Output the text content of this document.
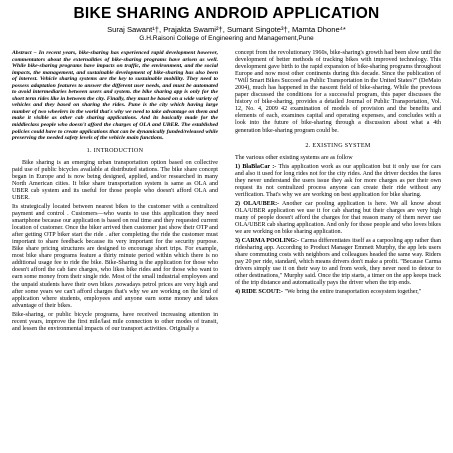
BIKE SHARING ANDROID APPLICATION
Suraj Sawant¹†, Prajakta Swami²†, Sumant Singote³†, Mamta Dhone⁴*
G.H.Raisoni College of Engineering and Management,Pune

Abstract – In recent years, bike-sharing has experienced rapid development however, commentators about the externalities of bike-sharing programs have arisen as well. While bike-sharing programs have impacts on traffic, the environment, and the social impacts, the management, and sustainable development of bike-sharing has also been of interest. Vehicle sharing systems are the key to sustainable mobility. They need to possess adaptation features to answer the different user needs, and must be automated to avoid intermediaries between users and system. the bike sharing app is only for the short term rides like in between the city. Finally, they must be based on a wide variety of vehicles and they based on sharing the rides. Pune is the city which having large number of two wheelers in the world that's why we need to take advantage on them and make it visible as other cab sharing applications. And its basically made for the middleclass people who doesn't afford the charges of OLA and UBER. The established policies could have to create applications that can be dynamically funded/released while preserving the needed safety levels of the vehicle main functions.

1. INTRODUCTION

Bike sharing is an emerging urban transportation option based on collective paid use of public bicycles available at distributed stations. The bike share concept began in Europe and is now being designed, applied, and/or researched in many North American cities. It bike share transportation system is same as OLA and UBER cab system and its useful for those people who doesn't afford OLA and UBER.

Its strategically located between nearest bikes to the customer with a centralized payment and control . Customers—who wants to use this application they need smartphone because our application is based on real time and they requested current location of customer. Once the biker arrived then customer just show their OTP and after getting OTP biker start the ride . after completing the ride the customer must important to share feedback because its very important for the security purpose. Bike share pricing structures are designed to encourage short trips. For example, most bike share programs feature a thirty minute period within which there is no additional usage fee to ride the bike. Bike-Sharing is the application for those who doesn't afford the cab fare charges, who likes bike rides and for those who want to earn some money from their single ride. Most of the small industrial employees and the unpaid students have their own bikes ,nowadays petrol prices are very high and after some years we can't afford charges that's why we are working on the kind of application where students, employees and anyone earn some money and takes advantage of their bikes.

Bike-sharing, or public bicycle programs, have received increasing attention in recent years, improve the first mile/last mile connection to other modes of transit, and lessen the environmental impacts of our transport activities. Originally a

concept from the revolutionary 1960s, bike-sharing's growth had been slow until the development of better methods of tracking bikes with improved technology. This development gave birth to the rapid expansion of bike-sharing programs throughout Europe and now most other continents during this decade. Since the publication of "Will Smart Bikes Succeed as Public Transportation in the United States?" (DeMaio 2004), much has happened in the nascent field of bike-sharing. While the previous paper discussed the conditions for a successful program, this paper discusses the history of bike-sharing, provides a detailed Journal of Public Transportation, Vol. 12, No. 4, 2009 42 examination of models of provision and the benefits and elements of each, examines capital and operating expenses, and concludes with a look into the future of bike-sharing through a discussion about what a 4th generation bike-sharing program could be.

2. EXISTING SYSTEM

The various other existing systems are as follow

1) BlaBlaCar :- This application work as our application but it only use for cars and also it used for long rides not for the city rides. And the driver decides the fares they never understand the users issue they ask for more charges as per their own request its not centralized process anyone can create their ride without any verification. That's why we are working on best application for bike sharing.

2) OLA/UBER:- Another car pooling application is here. We all know about OLA/UBER application we use it for cab sharing but their charges are very high many of people doesn't afford the charges for that reason many of them never use OLA/UBER cab sharing application. And only for those people and who loves bikes we are working on bike sharing application.

3) CARMA POOLING:- Carma differentiates itself as a carpooling app rather than ridesharing app. According to Product Manager Emmett Murphy, the app lets users share commuting costs with neighbors and colleagues headed the same way. Riders pay 20 per ride, standard, which means drivers don't make a profit. "Because Carma drivers simply use it on their way to and from work, they never need to detour to other destinations," Murphy said. Once the trip starts, a timer on the app keeps track of the trip distance and automatically pays the driver when the trip ends.

4) RIDE SCOUT:- "We bring the entire transportation ecosystem together,"
